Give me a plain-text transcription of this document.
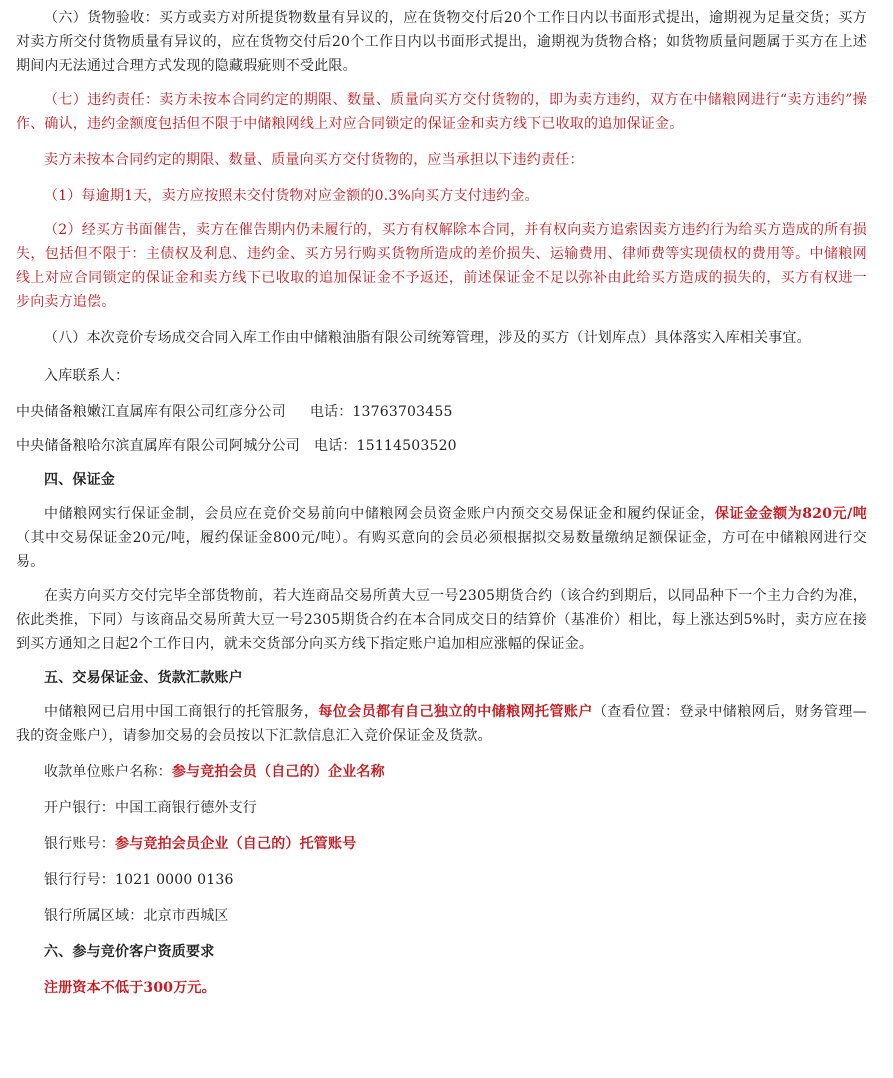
（六）货物验收：买方或卖方对所提货物数量有异议的，应在货物交付后20个工作日内以书面形式提出，逾期视为足量交货；买方对卖方所交付货物质量有异议的，应在货物交付后20个工作日内以书面形式提出，逾期视为货物合格；如货物质量问题属于买方在上述期间内无法通过合理方式发现的隐藏瑕疵则不受此限。

（七）违约责任：卖方未按本合同约定的期限、数量、质量向买方交付货物的，即为卖方违约，双方在中储粮网进行“卖方违约”操作、确认，违约金额度包括但不限于中储粮网线上对应合同锁定的保证金和卖方线下已收取的追加保证金。

卖方未按本合同约定的期限、数量、质量向买方交付货物的，应当承担以下违约责任：

（1）每逾期1天，卖方应按照未交付货物对应金额的0.3%向买方支付违约金。

（2）经买方书面催告，卖方在催告期内仍未履行的，买方有权解除本合同，并有权向卖方追索因卖方违约行为给买方造成的所有损失，包括但不限于：主债权及利息、违约金、买方另行购买货物所造成的差价损失、运输费用、律师费等实现债权的费用等。中储粮网线上对应合同锁定的保证金和卖方线下已收取的追加保证金不予返还，前述保证金不足以弥补由此给买方造成的损失的，买方有权进一步向卖方追偿。

（八）本次竞价专场成交合同入库工作由中储粮油脂有限公司统筹管理，涉及的买方（计划库点）具体落实入库相关事宜。

入库联系人：

中央储备粮嫩江直属库有限公司红彦分公司 电话：13763703455

中央储备粮哈尔滨直属库有限公司阿城分公司 电话：15114503520

四、保证金

中储粮网实行保证金制，会员应在竞价交易前向中储粮网会员资金账户内预交交易保证金和履约保证金，保证金金额为820元/吨（其中交易保证金20元/吨，履约保证金800元/吨）。有购买意向的会员必须根据拟交易数量缴纳足额保证金，方可在中储粮网进行交易。

在卖方向买方交付完毕全部货物前，若大连商品交易所黄大豆一号2305期货合约（该合约到期后，以同品种下一个主力合约为准，依此类推，下同）与该商品交易所黄大豆一号2305期货合约在本合同成交日的结算价（基准价）相比，每上涨达到5%时，卖方应在接到买方通知之日起2个工作日内，就未交货部分向买方线下指定账户追加相应涨幅的保证金。

五、交易保证金、货款汇款账户

中储粮网已启用中国工商银行的托管服务，每位会员都有自己独立的中储粮网托管账户（查看位置：登录中储粮网后，财务管理—我的资金账户），请参加交易的会员按以下汇款信息汇入竞价保证金及货款。

收款单位账户名称：参与竞拍会员（自己的）企业名称

开户银行：中国工商银行德外支行

银行账号：参与竞拍会员企业（自己的）托管账号

银行行号：1021 0000 0136

银行所属区域：北京市西城区

六、参与竞价客户资质要求

注册资本不低于300万元。
